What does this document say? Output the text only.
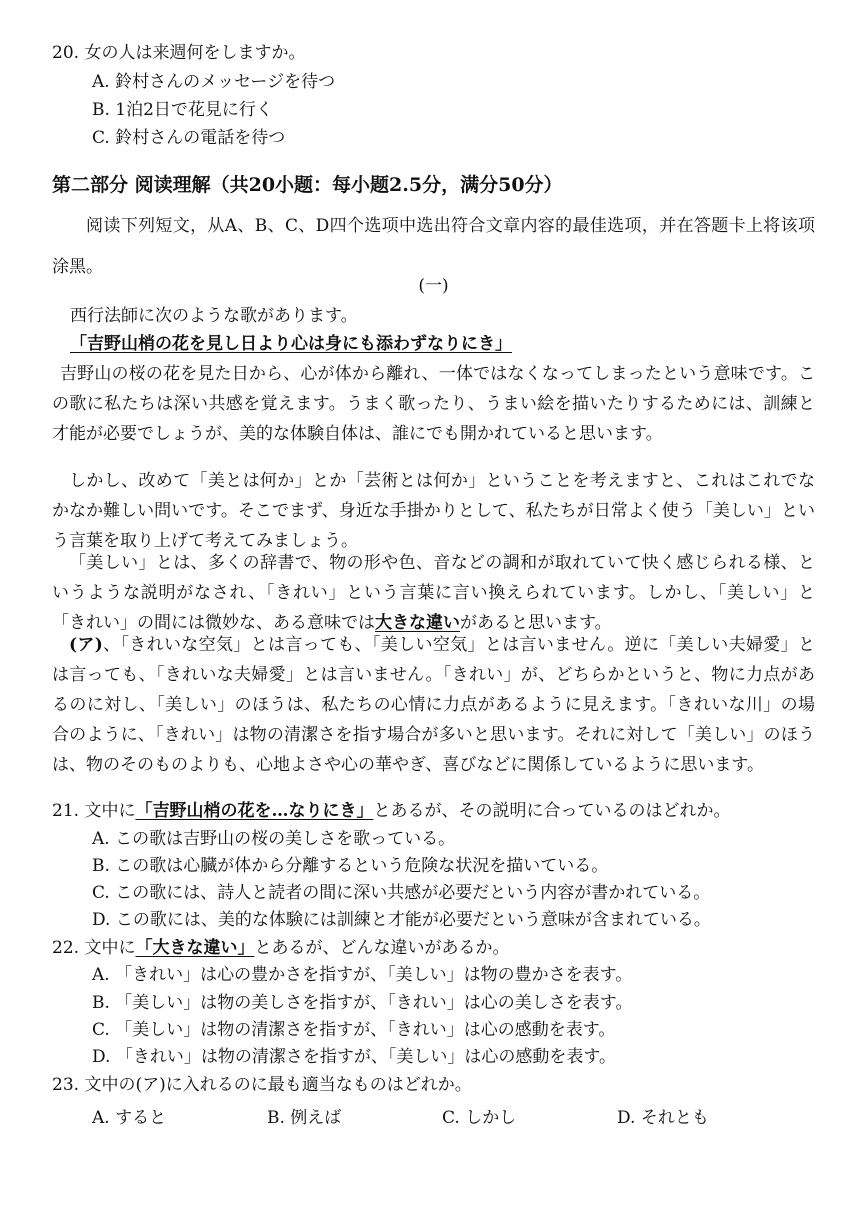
20. 女の人は来週何をしますか。
A. 鈴村さんのメッセージを待つ
B. 1泊2日で花見に行く
C. 鈴村さんの電話を待つ
第二部分 阅读理解（共20小题：每小题2.5分，满分50分）
阅读下列短文，从A、B、C、D四个选项中选出符合文章内容的最佳选项，并在答题卡上将该项涂黑。
(一)
西行法師に次のような歌があります。
「吉野山梢の花を見し日より心は身にも添わずなりにき」
吉野山の桜の花を見た日から、心が体から離れ、一体ではなくなってしまったという意味です。この歌に私たちは深い共感を覚えます。うまく歌ったり、うまい絵を描いたりするためには、訓練と才能が必要でしょうが、美的な体験自体は、誰にでも開かれていると思います。
しかし、改めて「美とは何か」とか「芸術とは何か」ということを考えますと、これはこれでなかなか難しい問いです。そこでまず、身近な手掛かりとして、私たちが日常よく使う「美しい」という言葉を取り上げて考えてみましょう。
「美しい」とは、多くの辞書で、物の形や色、音などの調和が取れていて快く感じられる様、というような説明がなされ、「きれい」という言葉に言い換えられています。しかし、「美しい」と「きれい」の間には微妙な、ある意味では大きな違いがあると思います。
(ア)、「きれいな空気」とは言っても、「美しい空気」とは言いません。逆に「美しい夫婦愛」とは言っても、「きれいな夫婦愛」とは言いません。「きれい」が、どちらかというと、物に力点があるのに対し、「美しい」のほうは、私たちの心情に力点があるように見えます。「きれいな川」の場合のように、「きれい」は物の清潔さを指す場合が多いと思います。それに対して「美しい」のほうは、物のそのものよりも、心地よさや心の華やぎ、喜びなどに関係しているように思います。
21. 文中に「吉野山梢の花を…なりにき」とあるが、その説明に合っているのはどれか。
A. この歌は吉野山の桜の美しさを歌っている。
B. この歌は心臓が体から分離するという危険な状況を描いている。
C. この歌には、詩人と読者の間に深い共感が必要だという内容が書かれている。
D. この歌には、美的な体験には訓練と才能が必要だという意味が含まれている。
22. 文中に「大きな違い」とあるが、どんな違いがあるか。
A. 「きれい」は心の豊かさを指すが、「美しい」は物の豊かさを表す。
B. 「美しい」は物の美しさを指すが、「きれい」は心の美しさを表す。
C. 「美しい」は物の清潔さを指すが、「きれい」は心の感動を表す。
D. 「きれい」は物の清潔さを指すが、「美しい」は心の感動を表す。
23. 文中の(ア)に入れるのに最も適当なものはどれか。
A. すると	B. 例えば	C. しかし	D. それとも
